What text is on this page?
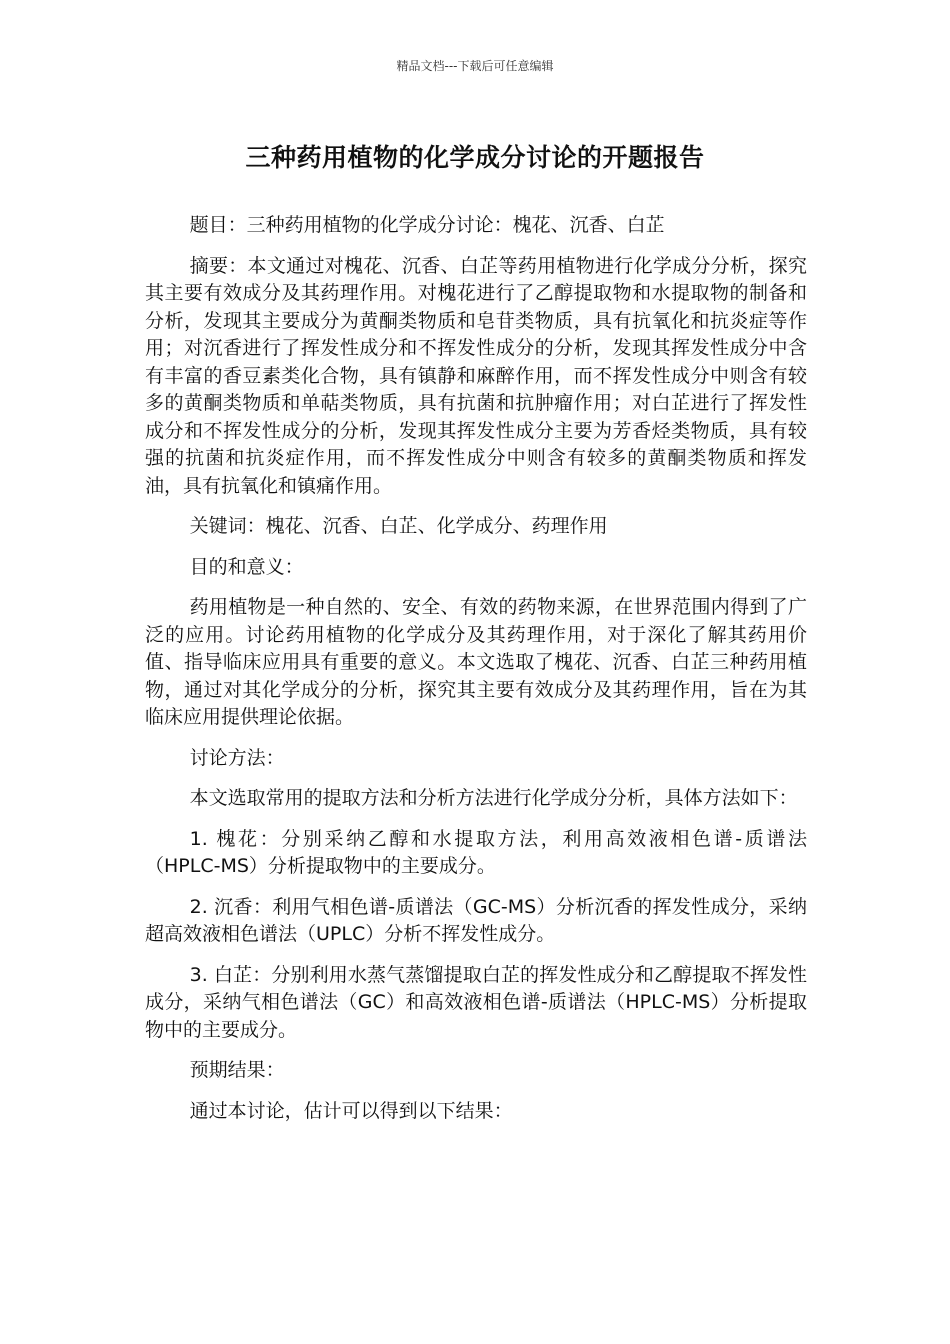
精品文档---下载后可任意编辑
三种药用植物的化学成分讨论的开题报告

题目：三种药用植物的化学成分讨论：槐花、沉香、白芷

摘要：本文通过对槐花、沉香、白芷等药用植物进行化学成分分析，探究其主要有效成分及其药理作用。对槐花进行了乙醇提取物和水提取物的制备和分析，发现其主要成分为黄酮类物质和皂苷类物质，具有抗氧化和抗炎症等作用；对沉香进行了挥发性成分和不挥发性成分的分析，发现其挥发性成分中含有丰富的香豆素类化合物，具有镇静和麻醉作用，而不挥发性成分中则含有较多的黄酮类物质和单萜类物质，具有抗菌和抗肿瘤作用；对白芷进行了挥发性成分和不挥发性成分的分析，发现其挥发性成分主要为芳香烃类物质，具有较强的抗菌和抗炎症作用，而不挥发性成分中则含有较多的黄酮类物质和挥发油，具有抗氧化和镇痛作用。

关键词：槐花、沉香、白芷、化学成分、药理作用

目的和意义：

药用植物是一种自然的、安全、有效的药物来源，在世界范围内得到了广泛的应用。讨论药用植物的化学成分及其药理作用，对于深化了解其药用价值、指导临床应用具有重要的意义。本文选取了槐花、沉香、白芷三种药用植物，通过对其化学成分的分析，探究其主要有效成分及其药理作用，旨在为其临床应用提供理论依据。

讨论方法：

本文选取常用的提取方法和分析方法进行化学成分分析，具体方法如下：

1. 槐花：分别采纳乙醇和水提取方法，利用高效液相色谱-质谱法（HPLC-MS）分析提取物中的主要成分。

2. 沉香：利用气相色谱-质谱法（GC-MS）分析沉香的挥发性成分，采纳超高效液相色谱法（UPLC）分析不挥发性成分。

3. 白芷：分别利用水蒸气蒸馏提取白芷的挥发性成分和乙醇提取不挥发性成分，采纳气相色谱法（GC）和高效液相色谱-质谱法（HPLC-MS）分析提取物中的主要成分。

预期结果：

通过本讨论，估计可以得到以下结果：
